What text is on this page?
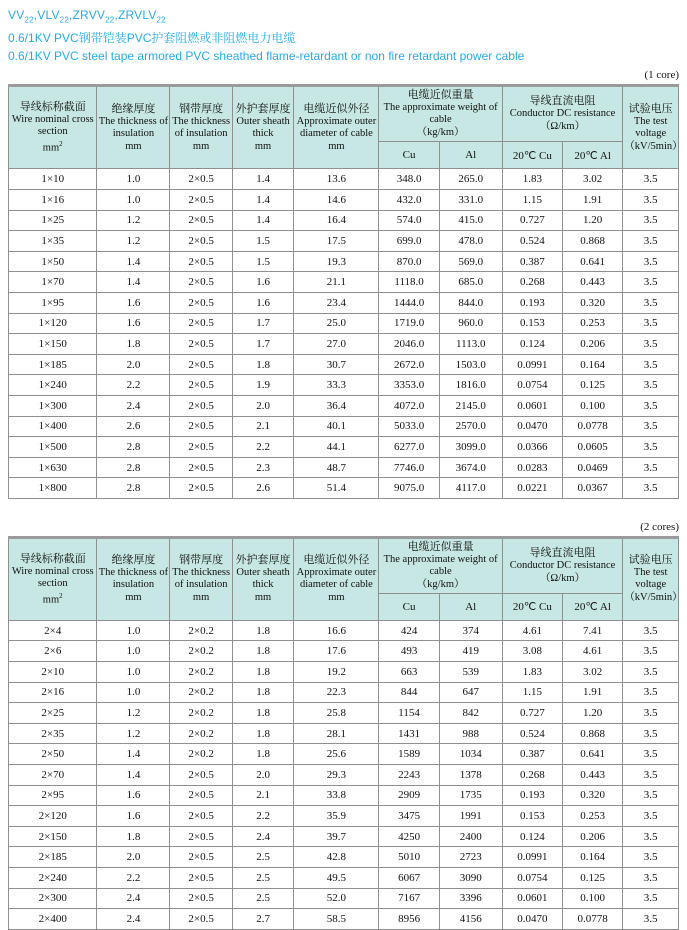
$VV_{22},VLV_{22},ZRVV_{22},ZRVLV_{22}$
0.6/1KV PVC钢带铠装PVC护套阻燃或非阻燃电力电缆
0.6/1KV PVC steel tape armored PVC sheathed flame-retardant or non fire retardant power cable
(1 core)
导线标称截面
Wire nominal cross section
$mm^2$

绝缘厚度
The thickness of insulation
mm

钢带厚度
The thickness of insulation
mm

外护套厚度
Outer sheath thick
mm

电缆近似外径
Approximate outer diameter of cable
mm

电缆近似重量
The approximate weight of cable
（kg/km）

导线直流电阻
Conductor DC resistance
（Ω/km）

试验电压
The test voltage
（kV/5min）

					Cu	Al	20℃ Cu	20℃ Al	
1×10	1.0	2×0.5	1.4	13.6	348.0	265.0	1.83	3.02	3.5
1×16	1.0	2×0.5	1.4	14.6	432.0	331.0	1.15	1.91	3.5
1×25	1.2	2×0.5	1.4	16.4	574.0	415.0	0.727	1.20	3.5
1×35	1.2	2×0.5	1.5	17.5	699.0	478.0	0.524	0.868	3.5
1×50	1.4	2×0.5	1.5	19.3	870.0	569.0	0.387	0.641	3.5
1×70	1.4	2×0.5	1.6	21.1	1118.0	685.0	0.268	0.443	3.5
1×95	1.6	2×0.5	1.6	23.4	1444.0	844.0	0.193	0.320	3.5
1×120	1.6	2×0.5	1.7	25.0	1719.0	960.0	0.153	0.253	3.5
1×150	1.8	2×0.5	1.7	27.0	2046.0	1113.0	0.124	0.206	3.5
1×185	2.0	2×0.5	1.8	30.7	2672.0	1503.0	0.0991	0.164	3.5
1×240	2.2	2×0.5	1.9	33.3	3353.0	1816.0	0.0754	0.125	3.5
1×300	2.4	2×0.5	2.0	36.4	4072.0	2145.0	0.0601	0.100	3.5
1×400	2.6	2×0.5	2.1	40.1	5033.0	2570.0	0.0470	0.0778	3.5
1×500	2.8	2×0.5	2.2	44.1	6277.0	3099.0	0.0366	0.0605	3.5
1×630	2.8	2×0.5	2.3	48.7	7746.0	3674.0	0.0283	0.0469	3.5
1×800	2.8	2×0.5	2.6	51.4	9075.0	4117.0	0.0221	0.0367	3.5
(2 cores)
导线标称截面
Wire nominal cross section
$mm^2$

绝缘厚度
The thickness of insulation
mm

钢带厚度
The thickness of insulation
mm

外护套厚度
Outer sheath thick
mm

电缆近似外径
Approximate outer diameter of cable
mm

电缆近似重量
The approximate weight of cable
（kg/km）

导线直流电阻
Conductor DC resistance
（Ω/km）

试验电压
The test voltage
（kV/5min）

					Cu	Al	20℃ Cu	20℃ Al	
2×4	1.0	2×0.2	1.8	16.6	424	374	4.61	7.41	3.5
2×6	1.0	2×0.2	1.8	17.6	493	419	3.08	4.61	3.5
2×10	1.0	2×0.2	1.8	19.2	663	539	1.83	3.02	3.5
2×16	1.0	2×0.2	1.8	22.3	844	647	1.15	1.91	3.5
2×25	1.2	2×0.2	1.8	25.8	1154	842	0.727	1.20	3.5
2×35	1.2	2×0.2	1.8	28.1	1431	988	0.524	0.868	3.5
2×50	1.4	2×0.2	1.8	25.6	1589	1034	0.387	0.641	3.5
2×70	1.4	2×0.5	2.0	29.3	2243	1378	0.268	0.443	3.5
2×95	1.6	2×0.5	2.1	33.8	2909	1735	0.193	0.320	3.5
2×120	1.6	2×0.5	2.2	35.9	3475	1991	0.153	0.253	3.5
2×150	1.8	2×0.5	2.4	39.7	4250	2400	0.124	0.206	3.5
2×185	2.0	2×0.5	2.5	42.8	5010	2723	0.0991	0.164	3.5
2×240	2.2	2×0.5	2.5	49.5	6067	3090	0.0754	0.125	3.5
2×300	2.4	2×0.5	2.5	52.0	7167	3396	0.0601	0.100	3.5
2×400	2.4	2×0.5	2.7	58.5	8956	4156	0.0470	0.0778	3.5
